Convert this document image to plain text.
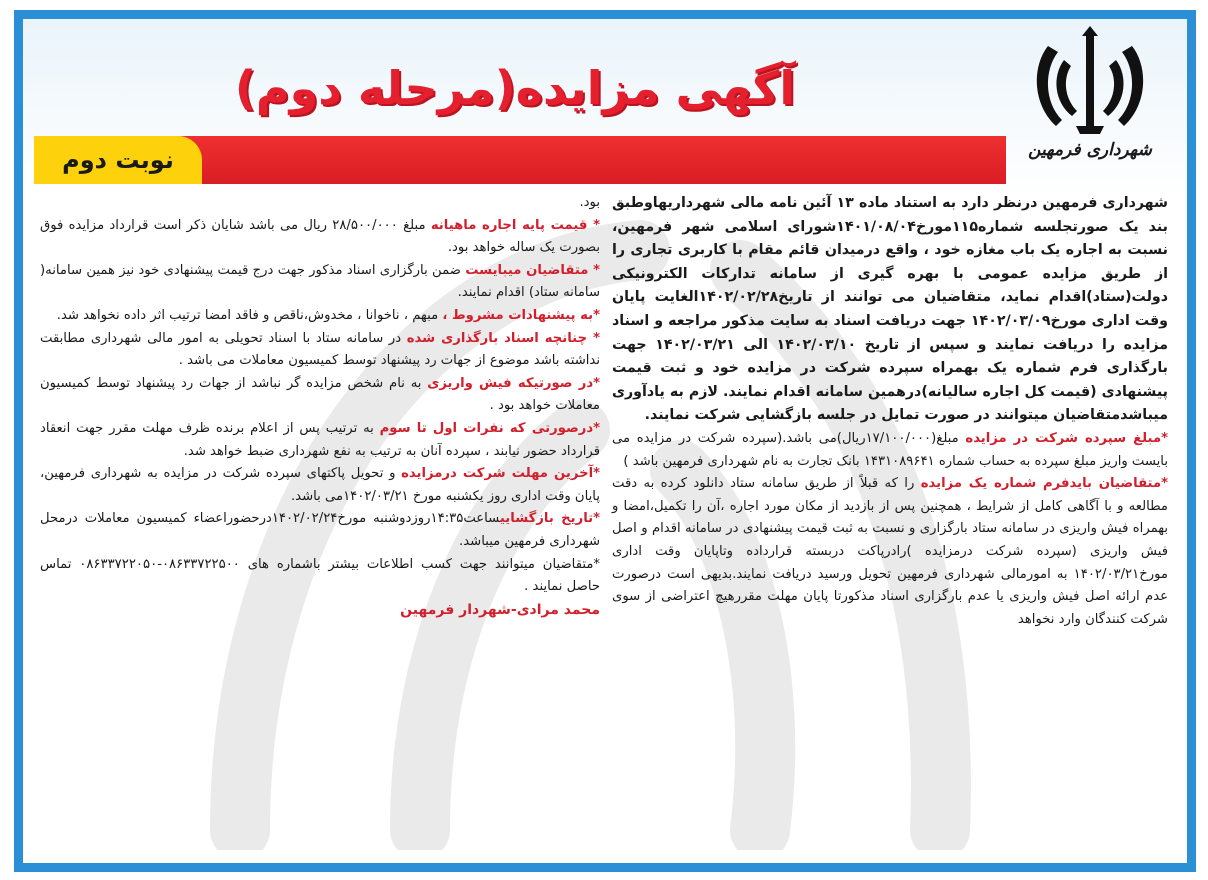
شهرداری فرمهین
آگهی مزایده(مرحله دوم)
نوبت دوم

شهرداری فرمهین درنظر دارد به استناد ماده ۱۳ آئین نامه مالی شهرداریهاوطبق بند یک صورتجلسه شماره۱۱۵مورخ۱۴۰۱/۰۸/۰۴شورای اسلامی شهر فرمهین، نسبت به اجاره یک باب مغازه خود ، واقع درمیدان قائم مقام با کاربری تجاری را از طریق مزایده عمومی با بهره گیری از سامانه تدارکات الکترونیکی دولت(ستاد)اقدام نماید، متقاضیان می توانند از تاریخ۱۴۰۲/۰۲/۲۸الغایت پایان وقت اداری مورخ۱۴۰۲/۰۳/۰۹ جهت دریافت اسناد به سایت مذکور مراجعه و اسناد مزایده را دریافت نمایند و سپس از تاریخ ۱۴۰۲/۰۳/۱۰ الی ۱۴۰۲/۰۳/۲۱ جهت بارگذاری فرم شماره یک بهمراه سپرده شرکت در مزایده خود و ثبت قیمت پیشنهادی (قیمت کل اجاره سالیانه)درهمین سامانه اقدام نمایند. لازم به یادآوری میباشدمتقاضیان میتوانند در صورت تمایل در جلسه بازگشایی شرکت نمایند.

*مبلغ سپرده شرکت در مزایده مبلغ(۱۷/۱۰۰/۰۰۰ریال)می باشد.(سپرده شرکت در مزایده می بایست واریز مبلغ سپرده به حساب شماره ۱۴۳۱۰۸۹۶۴۱ بانک تجارت به نام شهرداری فرمهین باشد )

*متقاضیان بایدفرم شماره یک مزایده را که قبلاً از طریق سامانه ستاد دانلود کرده به دقت مطالعه و با آگاهی کامل از شرایط ، همچنین پس از بازدید از مکان مورد اجاره ،آن را تکمیل،امضا و بهمراه فیش واریزی در سامانه ستاد بارگزاری و نسبت به ثبت قیمت پیشنهادی در سامانه اقدام و اصل فیش واریزی (سپرده شرکت درمزایده )رادرپاکت دربسته قرارداده وتاپایان وقت اداری مورخ۱۴۰۲/۰۳/۲۱ به امورمالی شهرداری فرمهین تحویل ورسید دریافت نمایند.بدیهی است درصورت عدم ارائه اصل فیش واریزی یا عدم بارگزاری اسناد مذکورتا پایان مهلت مقررهیچ اعتراضی از سوی شرکت کنندگان وارد نخواهد

بود.

* قیمت پایه اجاره ماهیانه مبلغ ۲۸/۵۰۰/۰۰۰ ریال می باشد شایان ذکر است قرارداد مزایده فوق بصورت یک ساله خواهد بود.

* متقاضیان میبایست ضمن بارگزاری اسناد مذکور جهت درج قیمت پیشنهادی خود نیز همین سامانه( سامانه ستاد) اقدام نمایند.

*به پیشنهادات مشروط ، مبهم ، ناخوانا ، مخدوش،ناقص و فاقد امضا ترتیب اثر داده نخواهد شد.

* چنانچه اسناد بارگذاری شده در سامانه ستاد با اسناد تحویلی به امور مالی شهرداری مطابقت نداشته باشد موضوع از جهات رد پیشنهاد توسط کمیسیون معاملات می باشد .

*در صورتیکه فیش واریزی به نام شخص مزایده گر نباشد از جهات رد پیشنهاد توسط کمیسیون معاملات خواهد بود .

*درصورتی که نفرات اول تا سوم به ترتیب پس از اعلام برنده ظرف مهلت مقرر جهت انعقاد قرارداد حضور نیابند ، سپرده آنان به ترتیب به نفع شهرداری ضبط خواهد شد.

*آخرین مهلت شرکت درمزایده و تحویل پاکتهای سپرده شرکت در مزایده به شهرداری فرمهین، پایان وقت اداری روز یکشنبه مورخ ۱۴۰۲/۰۳/۲۱می باشد.

*تاریخ بازگشاییساعت۱۴:۳۵روزدوشنبه مورخ۱۴۰۲/۰۲/۲۴درحضوراعضاء کمیسیون معاملات درمحل شهرداری فرمهین میباشد.

*متقاضیان میتوانند جهت کسب اطلاعات بیشتر باشماره های ۰۸۶۳۳۷۲۲۵۰۰-۰۸۶۳۳۷۲۲۰۵۰ تماس حاصل نمایند .

محمد مرادی-شهردار فرمهین
